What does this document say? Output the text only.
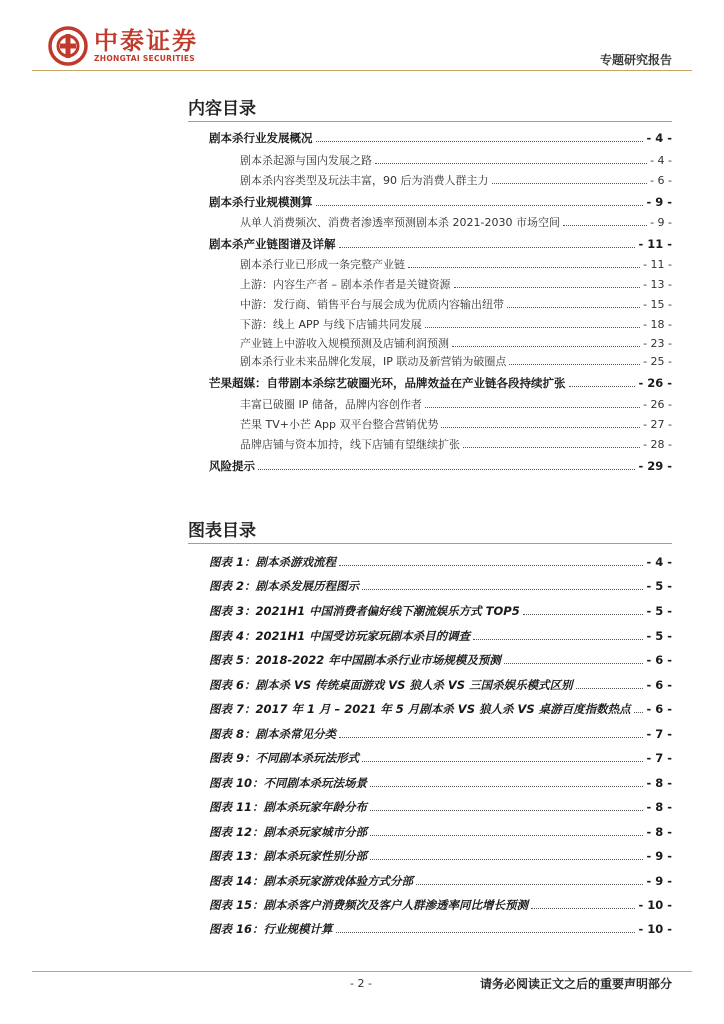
中泰证券
ZHONGTAI SECURITIES	专题研究报告
内容目录
剧本杀行业发展概况	- 4 -
剧本杀起源与国内发展之路	- 4 -
剧本杀内容类型及玩法丰富，90 后为消费人群主力	- 6 -
剧本杀行业规模测算	- 9 -
从单人消费频次、消费者渗透率预测剧本杀 2021-2030 市场空间	- 9 -
剧本杀产业链图谱及详解	- 11 -
剧本杀行业已形成一条完整产业链	- 11 -
上游：内容生产者 – 剧本杀作者是关键资源	- 13 -
中游：发行商、销售平台与展会成为优质内容输出纽带	- 15 -
下游：线上 APP 与线下店铺共同发展	- 18 -
产业链上中游收入规模预测及店铺利润预测	- 23 -
剧本杀行业未来品牌化发展，IP 联动及新营销为破圈点	- 25 -
芒果超媒：自带剧本杀综艺破圈光环，品牌效益在产业链各段持续扩张	- 26 -
丰富已破圈 IP 储备，品牌内容创作者	- 26 -
芒果 TV+小芒 App 双平台整合营销优势	- 27 -
品牌店铺与资本加持，线下店铺有望继续扩张	- 28 -
风险提示	- 29 -
图表目录
图表 1：剧本杀游戏流程	- 4 -
图表 2：剧本杀发展历程图示	- 5 -
图表 3：2021H1 中国消费者偏好线下潮流娱乐方式 TOP5	- 5 -
图表 4：2021H1 中国受访玩家玩剧本杀目的调查	- 5 -
图表 5：2018-2022 年中国剧本杀行业市场规模及预测	- 6 -
图表 6：剧本杀 VS 传统桌面游戏 VS 狼人杀 VS 三国杀娱乐模式区别	- 6 -
图表 7：2017 年 1 月 – 2021 年 5 月剧本杀 VS 狼人杀 VS 桌游百度指数热点 - 6 -
图表 8：剧本杀常见分类	- 7 -
图表 9：不同剧本杀玩法形式	- 7 -
图表 10：不同剧本杀玩法场景	- 8 -
图表 11：剧本杀玩家年龄分布	- 8 -
图表 12：剧本杀玩家城市分部	- 8 -
图表 13：剧本杀玩家性别分部	- 9 -
图表 14：剧本杀玩家游戏体验方式分部	- 9 -
图表 15：剧本杀客户消费频次及客户人群渗透率同比增长预测	- 10 -
图表 16：行业规模计算	- 10 -
- 2 -	请务必阅读正文之后的重要声明部分
